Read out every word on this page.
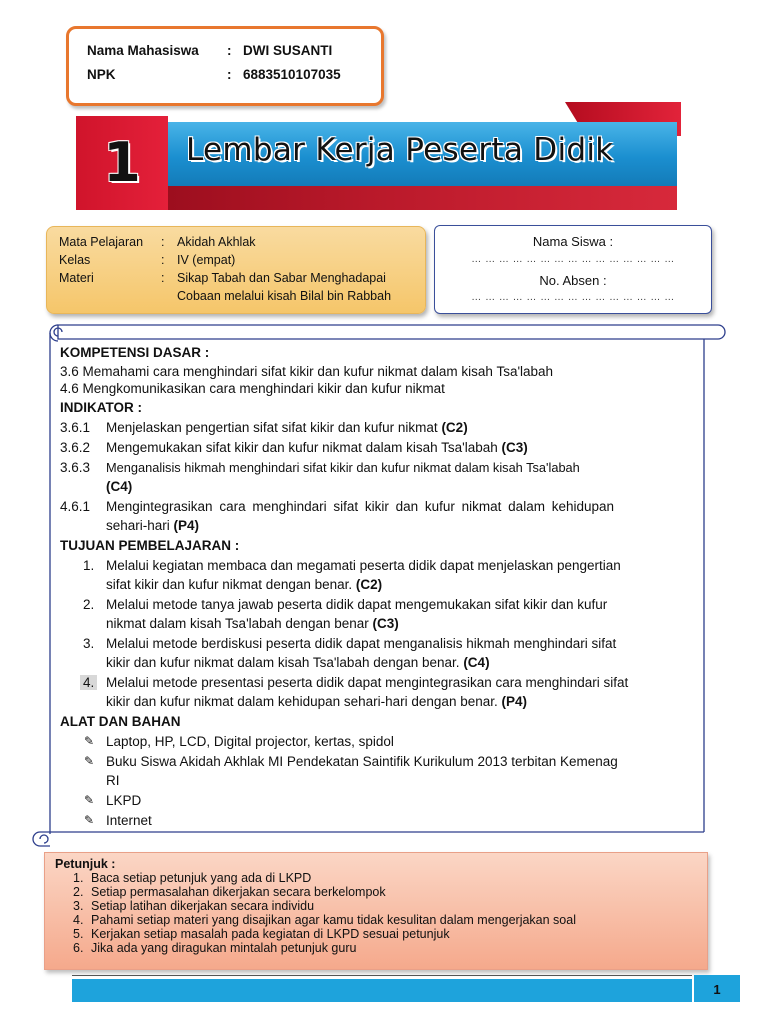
Nama Mahasiswa : DWI SUSANTI
NPK	: 6883510107035
1	Lembar Kerja Peserta Didik
Mata Pelajaran : Akidah Akhlak
Kelas	: IV (empat)
Materi	: Sikap Tabah dan Sabar Menghadapai
Cobaan melalui kisah Bilal bin Rabbah
Nama Siswa :
… … … … … … … … … … … … … … …
No. Absen :
… … … … … … … … … … … … … … …
KOMPETENSI DASAR :
3.6 Memahami cara menghindari sifat kikir dan kufur nikmat dalam kisah Tsa'labah
4.6 Mengkomunikasikan cara menghindari kikir dan kufur nikmat
INDIKATOR :
3.6.1 Menjelaskan pengertian sifat sifat kikir dan kufur nikmat (C2)
3.6.2 Mengemukakan sifat kikir dan kufur nikmat dalam kisah Tsa'labah (C3)
3.6.3 Menganalisis hikmah menghindari sifat kikir dan kufur nikmat dalam kisah Tsa'labah
(C4)
4.6.1 Mengintegrasikan cara menghindari sifat kikir dan kufur nikmat dalam kehidupan
sehari-hari (P4)
TUJUAN PEMBELAJARAN :
1. Melalui kegiatan membaca dan megamati peserta didik dapat menjelaskan pengertian
sifat kikir dan kufur nikmat dengan benar. (C2)
2. Melalui metode tanya jawab peserta didik dapat mengemukakan sifat kikir dan kufur
nikmat dalam kisah Tsa'labah dengan benar (C3)
3. Melalui metode berdiskusi peserta didik dapat menganalisis hikmah menghindari sifat
kikir dan kufur nikmat dalam kisah Tsa'labah dengan benar. (C4)
4. Melalui metode presentasi peserta didik dapat mengintegrasikan cara menghindari sifat
kikir dan kufur nikmat dalam kehidupan sehari-hari dengan benar. (P4)
ALAT DAN BAHAN
✎ Laptop, HP, LCD, Digital projector, kertas, spidol
✎ Buku Siswa Akidah Akhlak MI Pendekatan Saintifik Kurikulum 2013 terbitan Kemenag
RI
✎ LKPD
✎ Internet
Petunjuk :
1. Baca setiap petunjuk yang ada di LKPD
2. Setiap permasalahan dikerjakan secara berkelompok
3. Setiap latihan dikerjakan secara individu
4. Pahami setiap materi yang disajikan agar kamu tidak kesulitan dalam mengerjakan soal
5. Kerjakan setiap masalah pada kegiatan di LKPD sesuai petunjuk
6. Jika ada yang diragukan mintalah petunjuk guru
1
